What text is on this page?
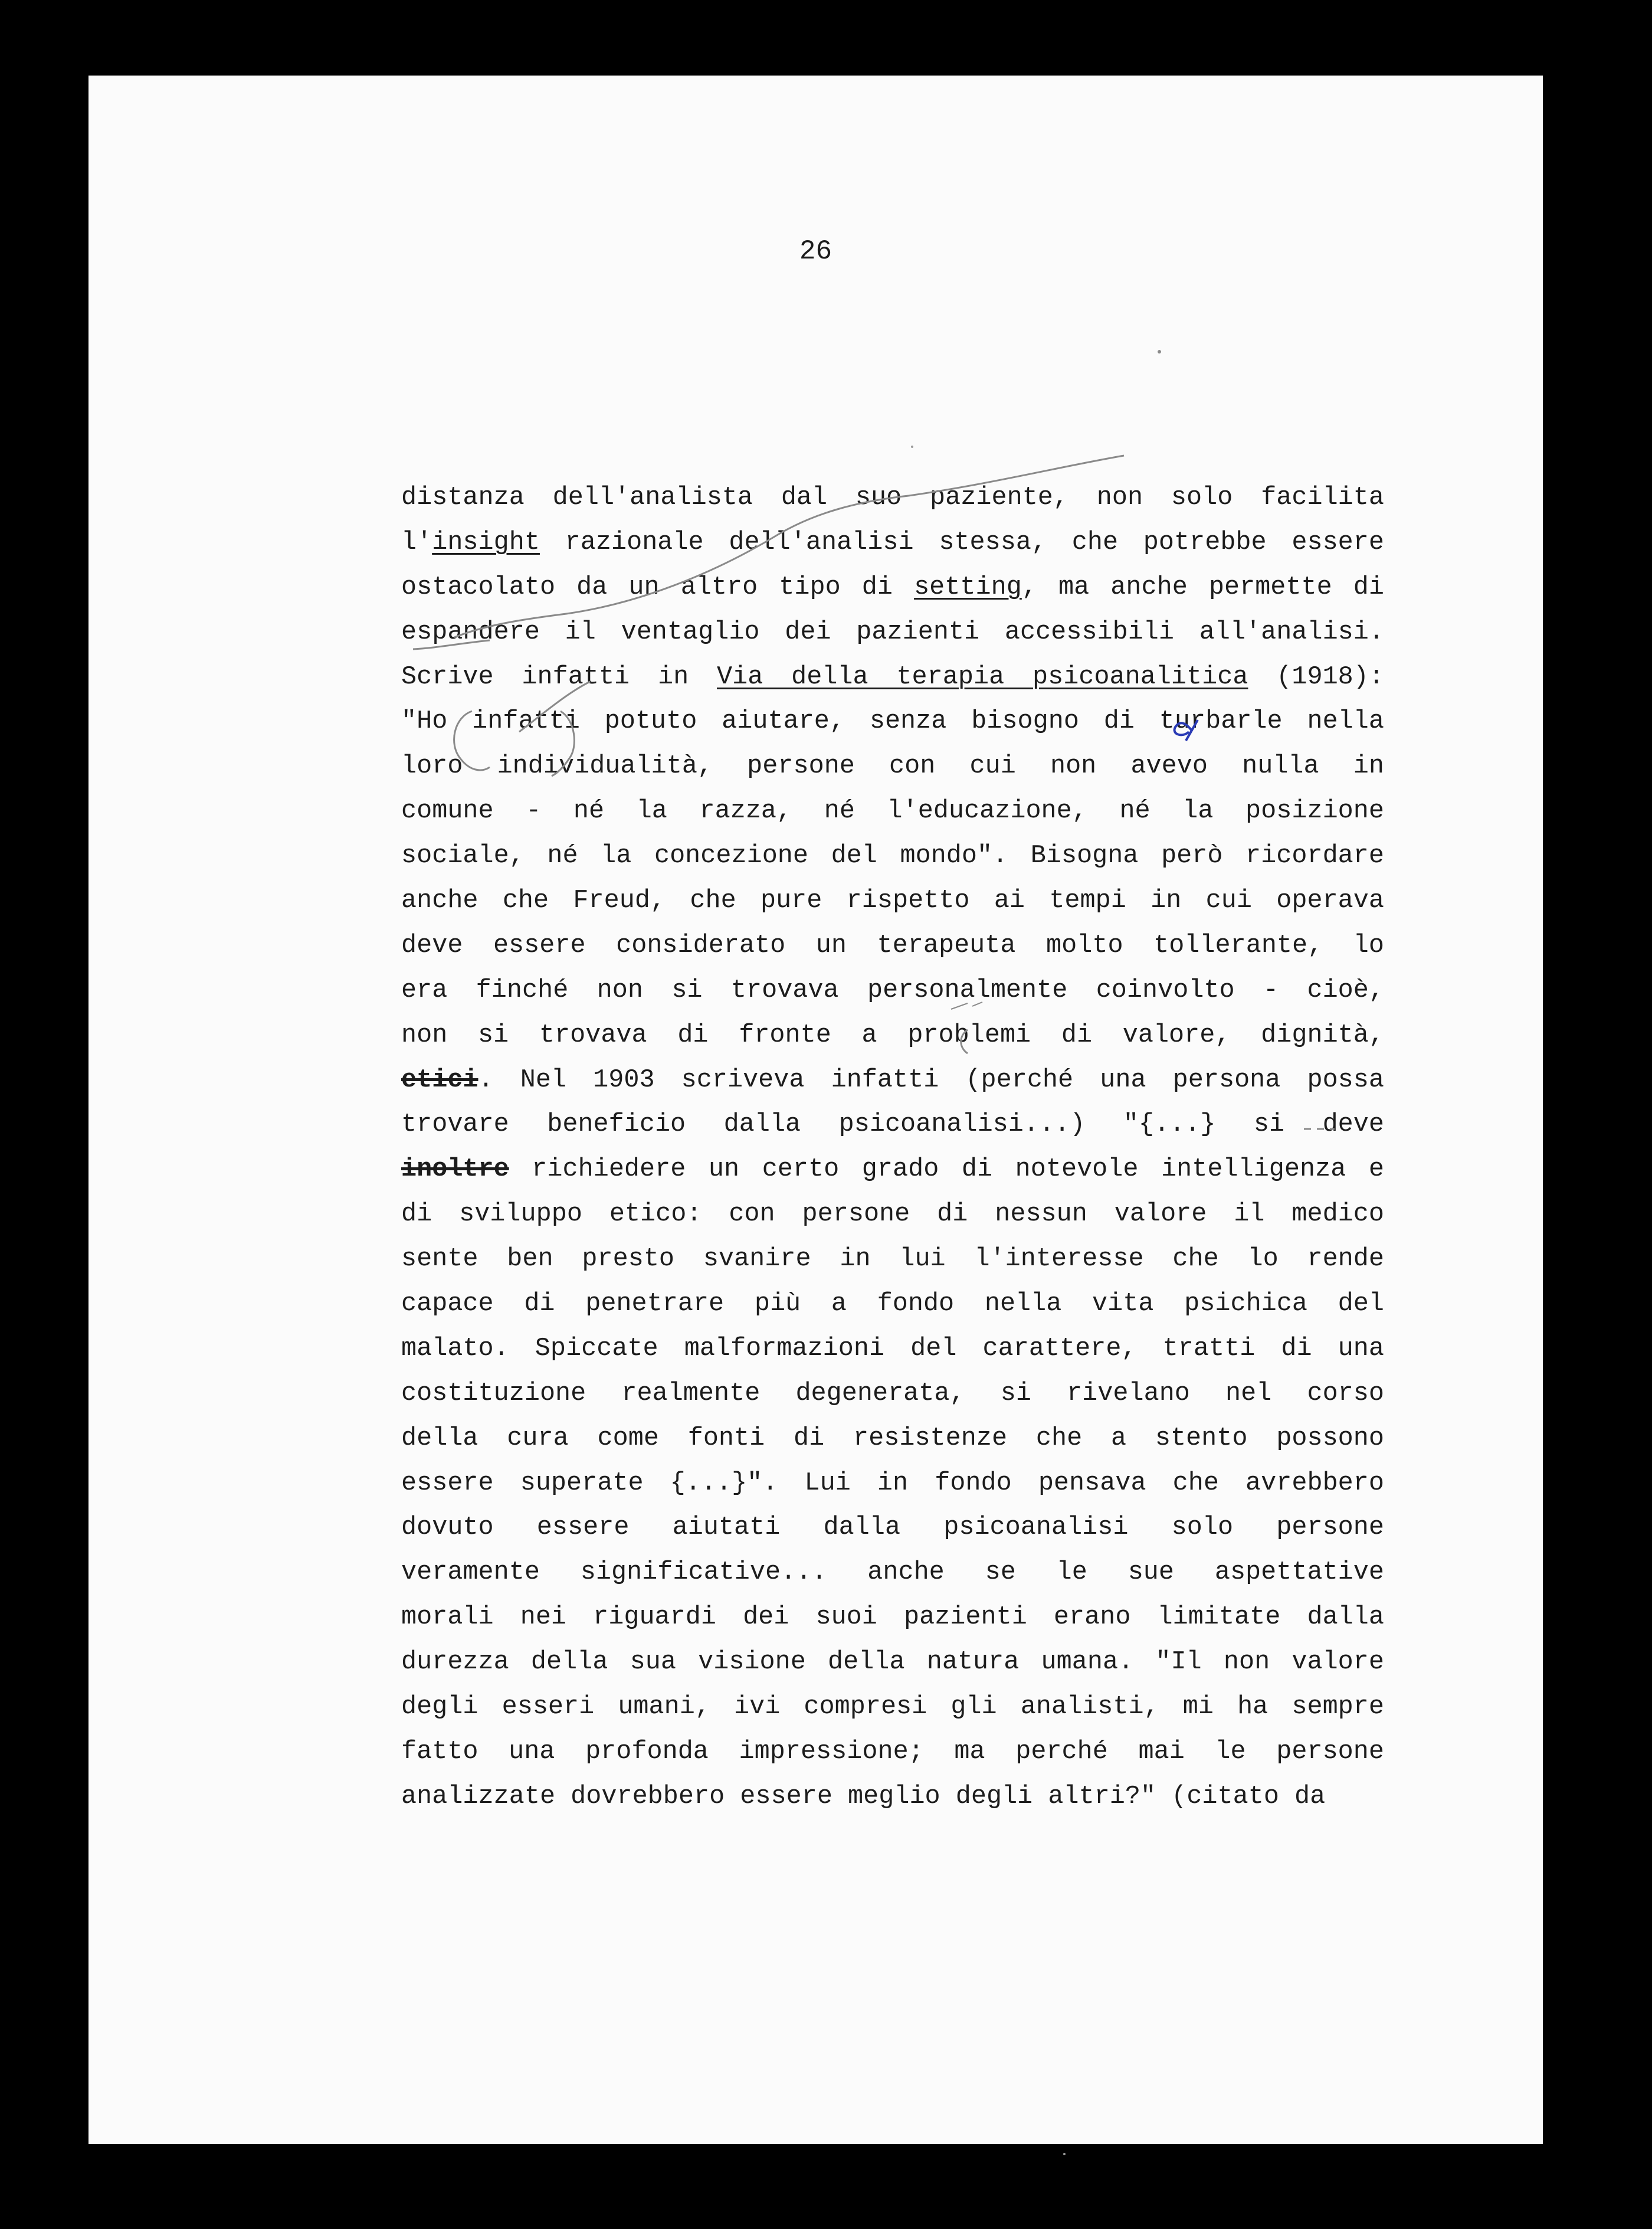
26
distanza dell'analista dal suo paziente, non solo facilita
l'insight razionale dell'analisi stessa, che potrebbe essere
ostacolato da un altro tipo di setting, ma anche permette di
espandere il ventaglio dei pazienti accessibili all'analisi.
Scrive infatti in Via della terapia psicoanalitica (1918):
"Ho infatti potuto aiutare, senza bisogno di turbarle nella
loro individualità, persone con cui non avevo nulla in
comune - né la razza, né l'educazione, né la posizione
sociale, né la concezione del mondo". Bisogna però ricordare
anche che Freud, che pure rispetto ai tempi in cui operava
deve essere considerato un terapeuta molto tollerante, lo
era finché non si trovava personalmente coinvolto - cioè,
non si trovava di fronte a problemi di valore, dignità,
etici. Nel 1903 scriveva infatti (perché una persona possa
trovare beneficio dalla psicoanalisi...) "{...} si deve
inoltre richiedere un certo grado di notevole intelligenza e
di sviluppo etico: con persone di nessun valore il medico
sente ben presto svanire in lui l'interesse che lo rende
capace di penetrare più a fondo nella vita psichica del
malato. Spiccate malformazioni del carattere, tratti di una
costituzione realmente degenerata, si rivelano nel corso
della cura come fonti di resistenze che a stento possono
essere superate {...}". Lui in fondo pensava che avrebbero
dovuto essere aiutati dalla psicoanalisi solo persone
veramente significative... anche se le sue aspettative
morali nei riguardi dei suoi pazienti erano limitate dalla
durezza della sua visione della natura umana. "Il non valore
degli esseri umani, ivi compresi gli analisti, mi ha sempre
fatto una profonda impressione; ma perché mai le persone
analizzate dovrebbero essere meglio degli altri?" (citato da
